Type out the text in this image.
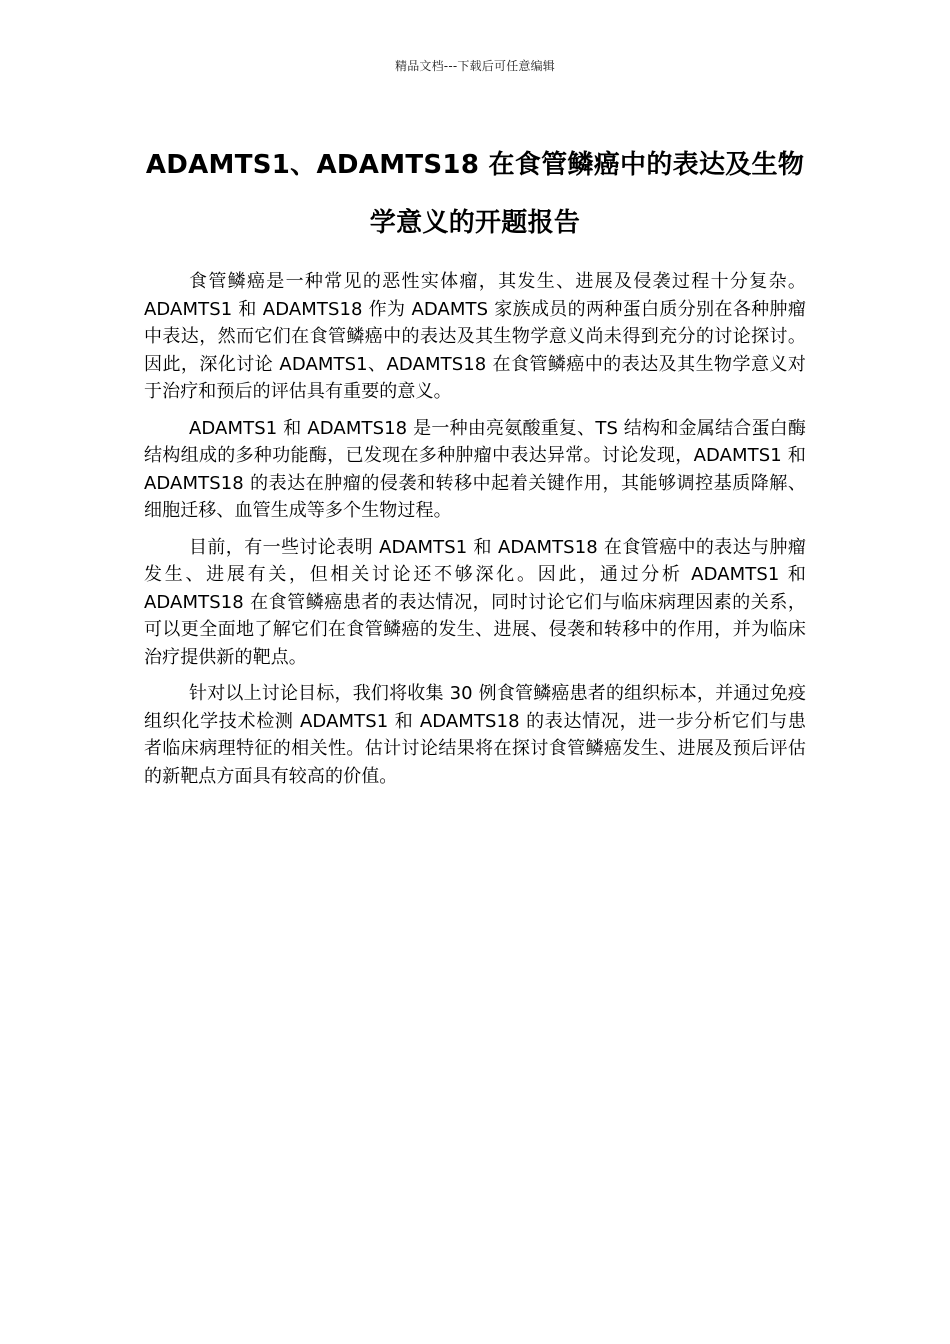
精品文档---下载后可任意编辑
ADAMTS1、ADAMTS18 在食管鳞癌中的表达及生物学意义的开题报告

食管鳞癌是一种常见的恶性实体瘤，其发生、进展及侵袭过程十分复杂。ADAMTS1 和 ADAMTS18 作为 ADAMTS 家族成员的两种蛋白质分别在各种肿瘤中表达，然而它们在食管鳞癌中的表达及其生物学意义尚未得到充分的讨论探讨。因此，深化讨论 ADAMTS1、ADAMTS18 在食管鳞癌中的表达及其生物学意义对于治疗和预后的评估具有重要的意义。

ADAMTS1 和 ADAMTS18 是一种由亮氨酸重复、TS 结构和金属结合蛋白酶结构组成的多种功能酶，已发现在多种肿瘤中表达异常。讨论发现，ADAMTS1 和 ADAMTS18 的表达在肿瘤的侵袭和转移中起着关键作用，其能够调控基质降解、细胞迁移、血管生成等多个生物过程。

目前，有一些讨论表明 ADAMTS1 和 ADAMTS18 在食管癌中的表达与肿瘤发生、进展有关，但相关讨论还不够深化。因此，通过分析 ADAMTS1 和 ADAMTS18 在食管鳞癌患者的表达情况，同时讨论它们与临床病理因素的关系，可以更全面地了解它们在食管鳞癌的发生、进展、侵袭和转移中的作用，并为临床治疗提供新的靶点。

针对以上讨论目标，我们将收集 30 例食管鳞癌患者的组织标本，并通过免疫组织化学技术检测 ADAMTS1 和 ADAMTS18 的表达情况，进一步分析它们与患者临床病理特征的相关性。估计讨论结果将在探讨食管鳞癌发生、进展及预后评估的新靶点方面具有较高的价值。
